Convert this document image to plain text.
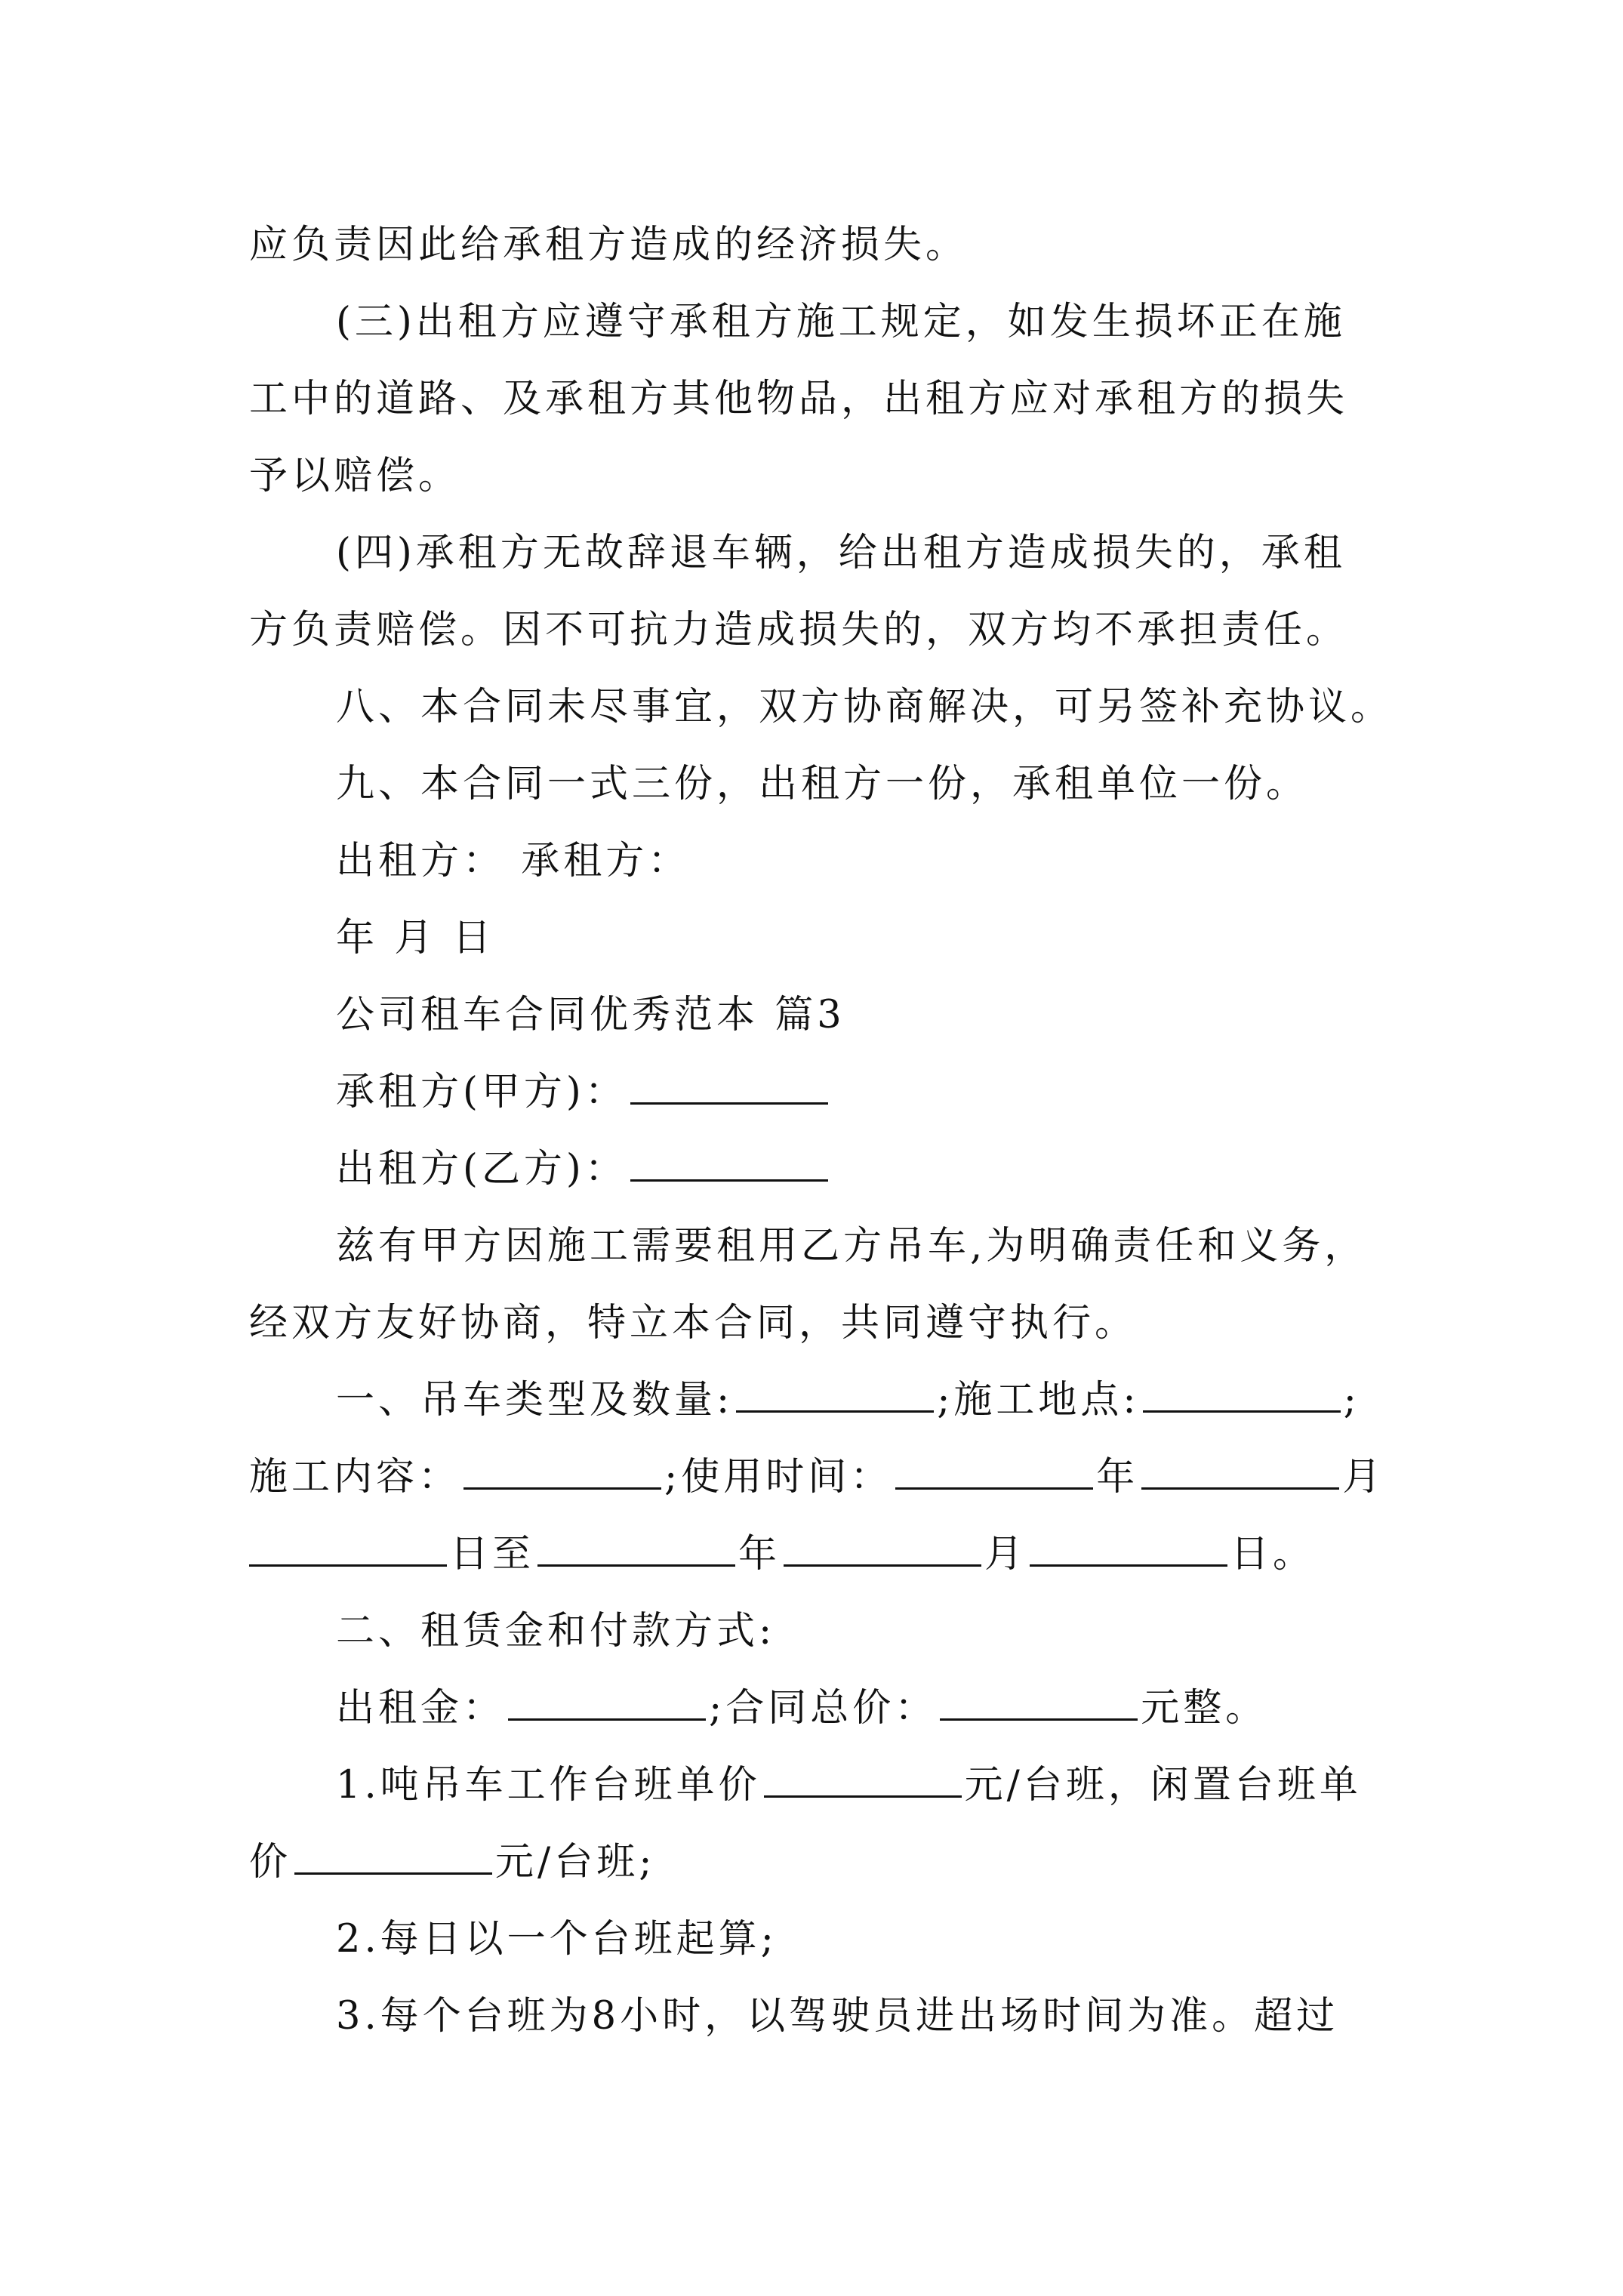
应负责因此给承租方造成的经济损失。
(三)出租方应遵守承租方施工规定，如发生损坏正在施
工中的道路、及承租方其他物品，出租方应对承租方的损失
予以赔偿。
(四)承租方无故辞退车辆，给出租方造成损失的，承租
方负责赔偿。因不可抗力造成损失的，双方均不承担责任。
八、本合同未尽事宜，双方协商解决，可另签补充协议。
九、本合同一式三份，出租方一份，承租单位一份。
出租方： 承租方：
年 月 日
公司租车合同优秀范本 篇3
承租方(甲方)：
出租方(乙方)：
兹有甲方因施工需要租用乙方吊车,为明确责任和义务，
经双方友好协商，特立本合同，共同遵守执行。
一、吊车类型及数量:	;施工地点:	;
施工内容：	;使用时间：	年	月
日至	年	月	日。
二、租赁金和付款方式:
出租金：	;合同总价：	元整。
1.吨吊车工作台班单价	元/台班，闲置台班单
价	元/台班;
2.每日以一个台班起算;
3.每个台班为8小时，以驾驶员进出场时间为准。超过
